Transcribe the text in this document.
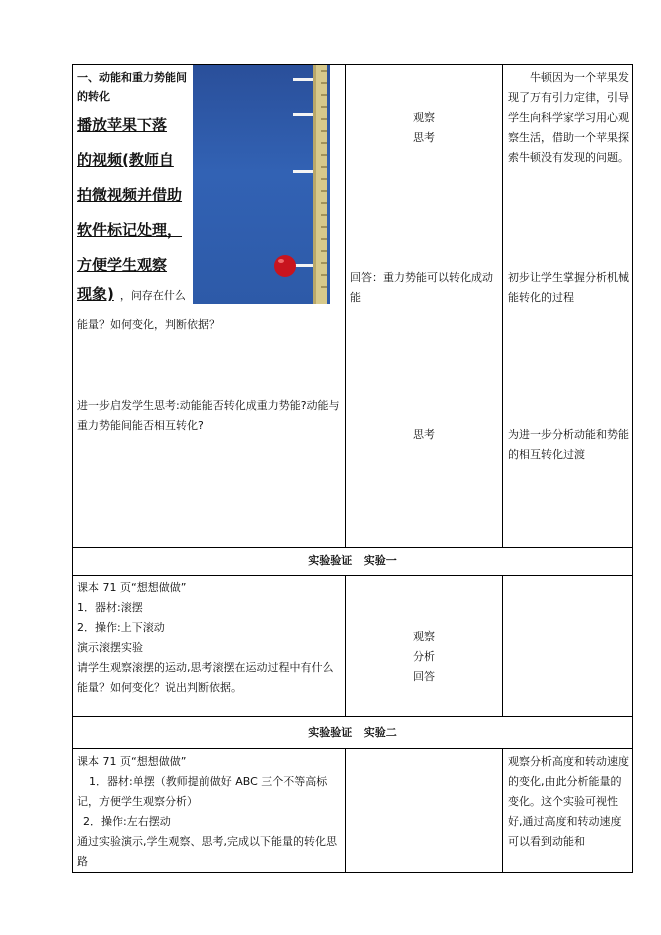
一、动能和重力势能间的转化
播放苹果下落
的视频(教师自
拍微视频并借助
软件标记处理，
方便学生观察
现象) ，问存在什么
能量？如何变化，判断依据？
进一步启发学生思考:动能能否转化成重力势能?动能与重力势能间能否相互转化?
观察
思考
回答：重力势能可以转化成动能
思考
牛顿因为一个苹果发现了万有引力定律，引导学生向科学家学习用心观察生活，借助一个苹果探索牛顿没有发现的问题。
初步让学生掌握分析机械能转化的过程
为进一步分析动能和势能的相互转化过渡
实验验证   实验一
课本 71 页“想想做做”
1．器材:滚摆
2．操作:上下滚动
演示滚摆实验
请学生观察滚摆的运动,思考滚摆在运动过程中有什么能量？如何变化？说出判断依据。
观察
分析
回答
实验验证   实验二
课本 71 页“想想做做”
1．器材:单摆（教师提前做好 ABC 三个不等高标记，方便学生观察分析）
2．操作:左右摆动
通过实验演示,学生观察、思考,完成以下能量的转化思路
观察分析高度和转动速度的变化,由此分析能量的变化。这个实验可视性好,通过高度和转动速度可以看到动能和
